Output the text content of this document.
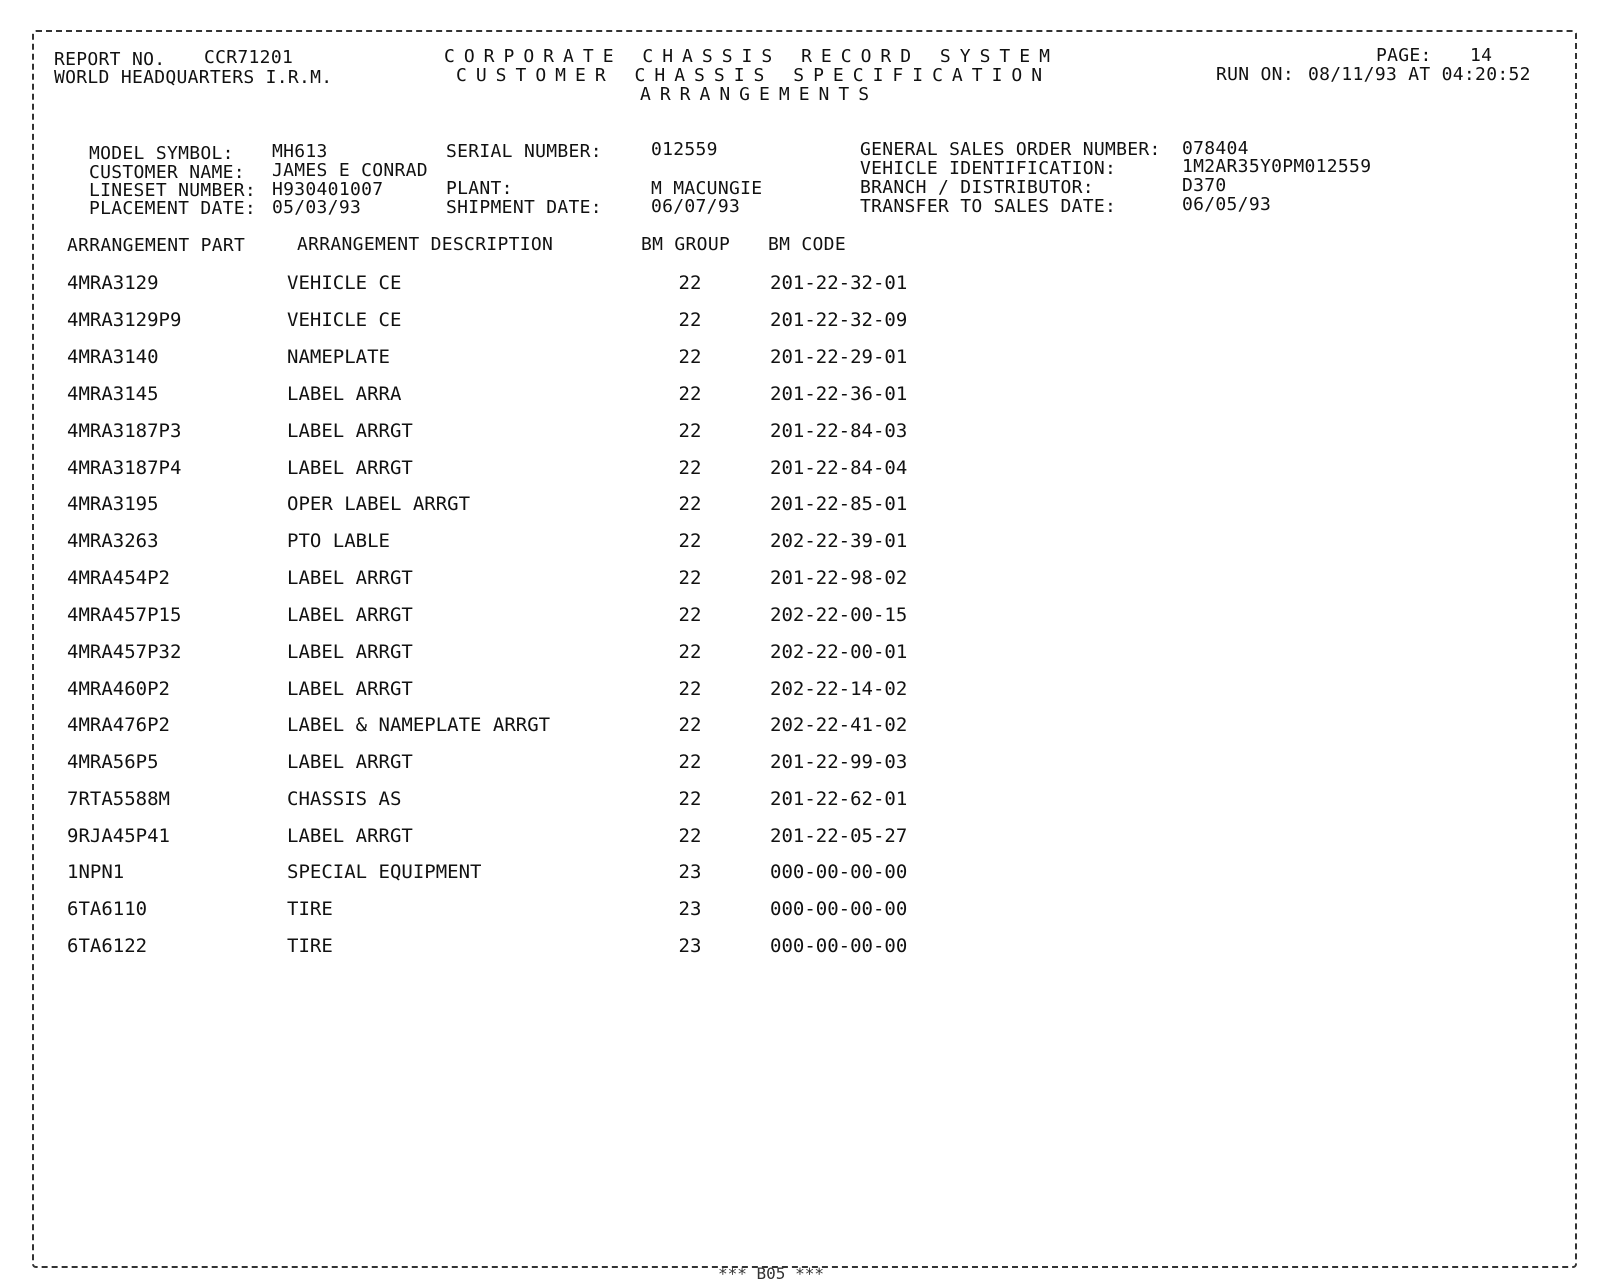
REPORT NO. CCR71201
WORLD HEADQUARTERS I.R.M.
CORPORATE CHASSIS RECORD SYSTEM
CUSTOMER CHASSIS SPECIFICATION
ARRANGEMENTS
PAGE: 14
RUN ON: 08/11/93 AT 04:20:52
MODEL SYMBOL: MH613
CUSTOMER NAME: JAMES E CONRAD
LINESET NUMBER: H930401007
PLACEMENT DATE: 05/03/93
SERIAL NUMBER:	012559
PLANT:	M MACUNGIE
SHIPMENT DATE:	06/07/93
GENERAL SALES ORDER NUMBER: 078404
VEHICLE IDENTIFICATION:	1M2AR35Y0PM012559
BRANCH / DISTRIBUTOR:	D370
TRANSFER TO SALES DATE:	06/05/93
ARRANGEMENT PART	ARRANGEMENT DESCRIPTION	BM GROUP BM CODE
4MRA3129	VEHICLE CE	22	201-22-32-01
4MRA3129P9	VEHICLE CE	22	201-22-32-09
4MRA3140	NAMEPLATE	22	201-22-29-01
4MRA3145	LABEL ARRA	22	201-22-36-01
4MRA3187P3	LABEL ARRGT	22	201-22-84-03
4MRA3187P4	LABEL ARRGT	22	201-22-84-04
4MRA3195	OPER LABEL ARRGT	22	201-22-85-01
4MRA3263	PTO LABLE	22	202-22-39-01
4MRA454P2	LABEL ARRGT	22	201-22-98-02
4MRA457P15	LABEL ARRGT	22	202-22-00-15
4MRA457P32	LABEL ARRGT	22	202-22-00-01
4MRA460P2	LABEL ARRGT	22	202-22-14-02
4MRA476P2	LABEL & NAMEPLATE ARRGT	22	202-22-41-02
4MRA56P5	LABEL ARRGT	22	201-22-99-03
7RTA5588M	CHASSIS AS	22	201-22-62-01
9RJA45P41	LABEL ARRGT	22	201-22-05-27
1NPN1	SPECIAL EQUIPMENT	23	000-00-00-00
6TA6110	TIRE	23	000-00-00-00
6TA6122	TIRE	23	000-00-00-00
*** B05 ***
